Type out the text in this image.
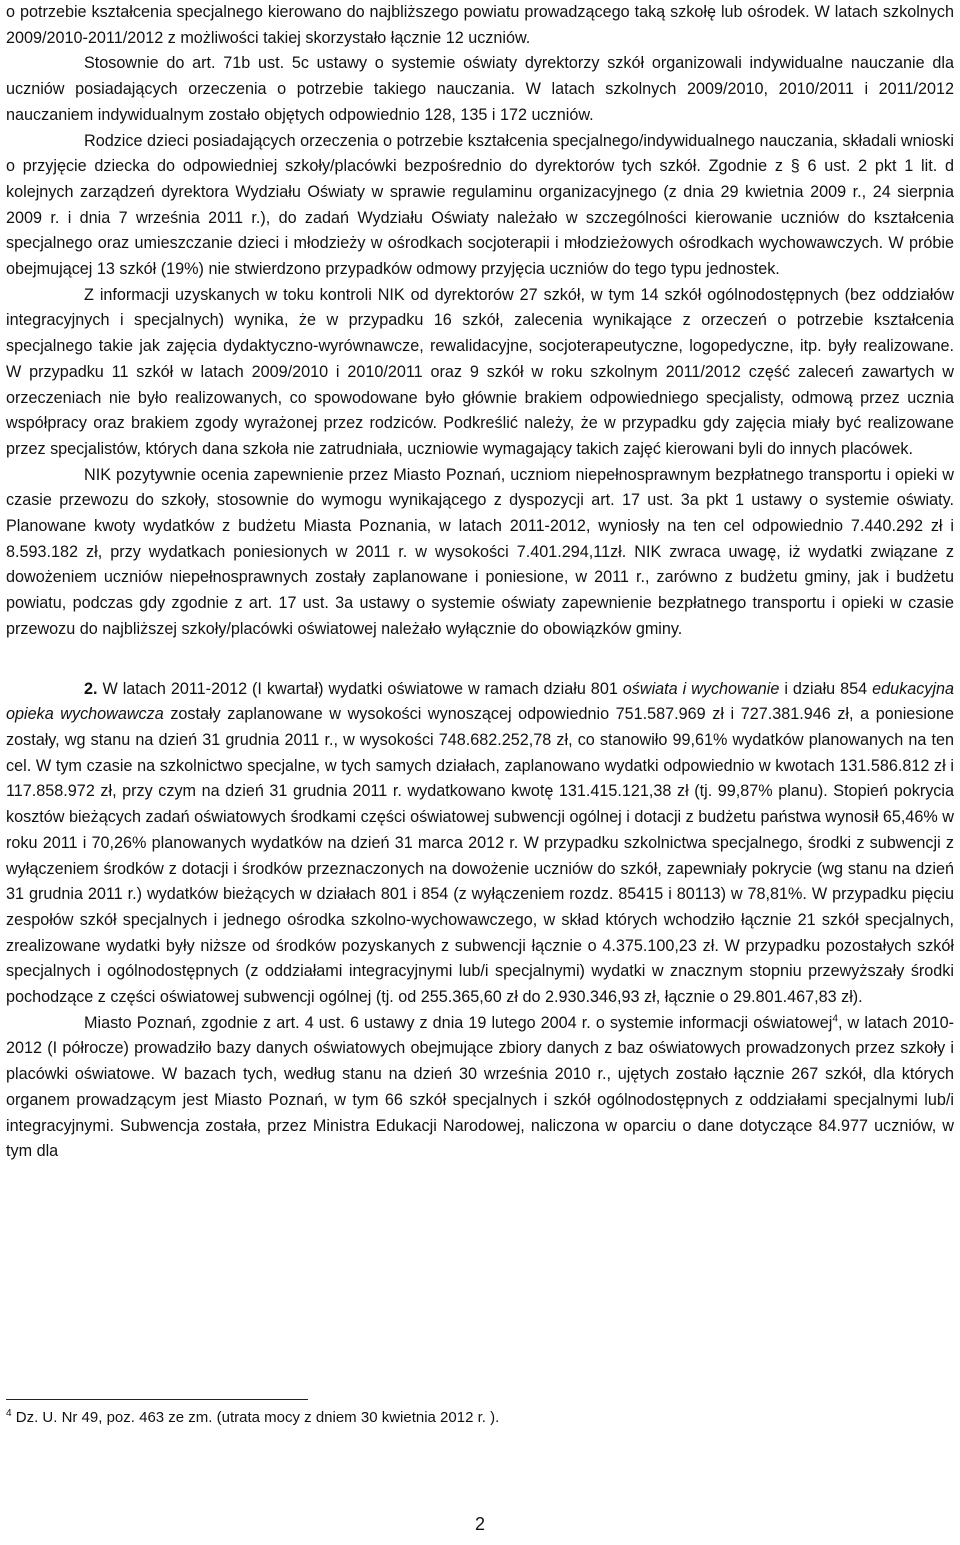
o potrzebie kształcenia specjalnego kierowano do najbliższego powiatu prowadzącego taką szkołę lub ośrodek. W latach szkolnych 2009/2010-2011/2012 z możliwości takiej skorzystało łącznie 12 uczniów.

Stosownie do art. 71b ust. 5c ustawy o systemie oświaty dyrektorzy szkół organizowali indywidualne nauczanie dla uczniów posiadających orzeczenia o potrzebie takiego nauczania. W latach szkolnych 2009/2010, 2010/2011 i 2011/2012 nauczaniem indywidualnym zostało objętych odpowiednio 128, 135 i 172 uczniów.

Rodzice dzieci posiadających orzeczenia o potrzebie kształcenia specjalnego/indywidualnego nauczania, składali wnioski o przyjęcie dziecka do odpowiedniej szkoły/placówki bezpośrednio do dyrektorów tych szkół. Zgodnie z § 6 ust. 2 pkt 1 lit. d kolejnych zarządzeń dyrektora Wydziału Oświaty w sprawie regulaminu organizacyjnego (z dnia 29 kwietnia 2009 r., 24 sierpnia 2009 r. i dnia 7 września 2011 r.), do zadań Wydziału Oświaty należało w szczególności kierowanie uczniów do kształcenia specjalnego oraz umieszczanie dzieci i młodzieży w ośrodkach socjoterapii i młodzieżowych ośrodkach wychowawczych. W próbie obejmującej 13 szkół (19%) nie stwierdzono przypadków odmowy przyjęcia uczniów do tego typu jednostek.

Z informacji uzyskanych w toku kontroli NIK od dyrektorów 27 szkół, w tym 14 szkół ogólnodostępnych (bez oddziałów integracyjnych i specjalnych) wynika, że w przypadku 16 szkół, zalecenia wynikające z orzeczeń o potrzebie kształcenia specjalnego takie jak zajęcia dydaktyczno-wyrównawcze, rewalidacyjne, socjoterapeutyczne, logopedyczne, itp. były realizowane. W przypadku 11 szkół w latach 2009/2010 i 2010/2011 oraz 9 szkół w roku szkolnym 2011/2012 część zaleceń zawartych w orzeczeniach nie było realizowanych, co spowodowane było głównie brakiem odpowiedniego specjalisty, odmową przez ucznia współpracy oraz brakiem zgody wyrażonej przez rodziców. Podkreślić należy, że w przypadku gdy zajęcia miały być realizowane przez specjalistów, których dana szkoła nie zatrudniała, uczniowie wymagający takich zajęć kierowani byli do innych placówek.

NIK pozytywnie ocenia zapewnienie przez Miasto Poznań, uczniom niepełnosprawnym bezpłatnego transportu i opieki w czasie przewozu do szkoły, stosownie do wymogu wynikającego z dyspozycji art. 17 ust. 3a pkt 1 ustawy o systemie oświaty. Planowane kwoty wydatków z budżetu Miasta Poznania, w latach 2011-2012, wyniosły na ten cel odpowiednio 7.440.292 zł i 8.593.182 zł, przy wydatkach poniesionych w 2011 r. w wysokości 7.401.294,11zł. NIK zwraca uwagę, iż wydatki związane z dowożeniem uczniów niepełnosprawnych zostały zaplanowane i poniesione, w 2011 r., zarówno z budżetu gminy, jak i budżetu powiatu, podczas gdy zgodnie z art. 17 ust. 3a ustawy o systemie oświaty zapewnienie bezpłatnego transportu i opieki w czasie przewozu do najbliższej szkoły/placówki oświatowej należało wyłącznie do obowiązków gminy.

2. W latach 2011-2012 (I kwartał) wydatki oświatowe w ramach działu 801 oświata i wychowanie i działu 854 edukacyjna opieka wychowawcza zostały zaplanowane w wysokości wynoszącej odpowiednio 751.587.969 zł i 727.381.946 zł, a poniesione zostały, wg stanu na dzień 31 grudnia 2011 r., w wysokości 748.682.252,78 zł, co stanowiło 99,61% wydatków planowanych na ten cel. W tym czasie na szkolnictwo specjalne, w tych samych działach, zaplanowano wydatki odpowiednio w kwotach 131.586.812 zł i 117.858.972 zł, przy czym na dzień 31 grudnia 2011 r. wydatkowano kwotę 131.415.121,38 zł (tj. 99,87% planu). Stopień pokrycia kosztów bieżących zadań oświatowych środkami części oświatowej subwencji ogólnej i dotacji z budżetu państwa wynosił 65,46% w roku 2011 i 70,26% planowanych wydatków na dzień 31 marca 2012 r. W przypadku szkolnictwa specjalnego, środki z subwencji z wyłączeniem środków z dotacji i środków przeznaczonych na dowożenie uczniów do szkół, zapewniały pokrycie (wg stanu na dzień 31 grudnia 2011 r.) wydatków bieżących w działach 801 i 854 (z wyłączeniem rozdz. 85415 i 80113) w 78,81%. W przypadku pięciu zespołów szkół specjalnych i jednego ośrodka szkolno-wychowawczego, w skład których wchodziło łącznie 21 szkół specjalnych, zrealizowane wydatki były niższe od środków pozyskanych z subwencji łącznie o 4.375.100,23 zł. W przypadku pozostałych szkół specjalnych i ogólnodostępnych (z oddziałami integracyjnymi lub/i specjalnymi) wydatki w znacznym stopniu przewyższały środki pochodzące z części oświatowej subwencji ogólnej (tj. od 255.365,60 zł do 2.930.346,93 zł, łącznie o 29.801.467,83 zł).

Miasto Poznań, zgodnie z art. 4 ust. 6 ustawy z dnia 19 lutego 2004 r. o systemie informacji oświatowej$^4$, w latach 2010-2012 (I półrocze) prowadziło bazy danych oświatowych obejmujące zbiory danych z baz oświatowych prowadzonych przez szkoły i placówki oświatowe. W bazach tych, według stanu na dzień 30 września 2010 r., ujętych zostało łącznie 267 szkół, dla których organem prowadzącym jest Miasto Poznań, w tym 66 szkół specjalnych i szkół ogólnodostępnych z oddziałami specjalnymi lub/i integracyjnymi. Subwencja została, przez Ministra Edukacji Narodowej, naliczona w oparciu o dane dotyczące 84.977 uczniów, w tym dla

$^4$ Dz. U. Nr 49, poz. 463 ze zm. (utrata mocy z dniem 30 kwietnia 2012 r. ).
2
